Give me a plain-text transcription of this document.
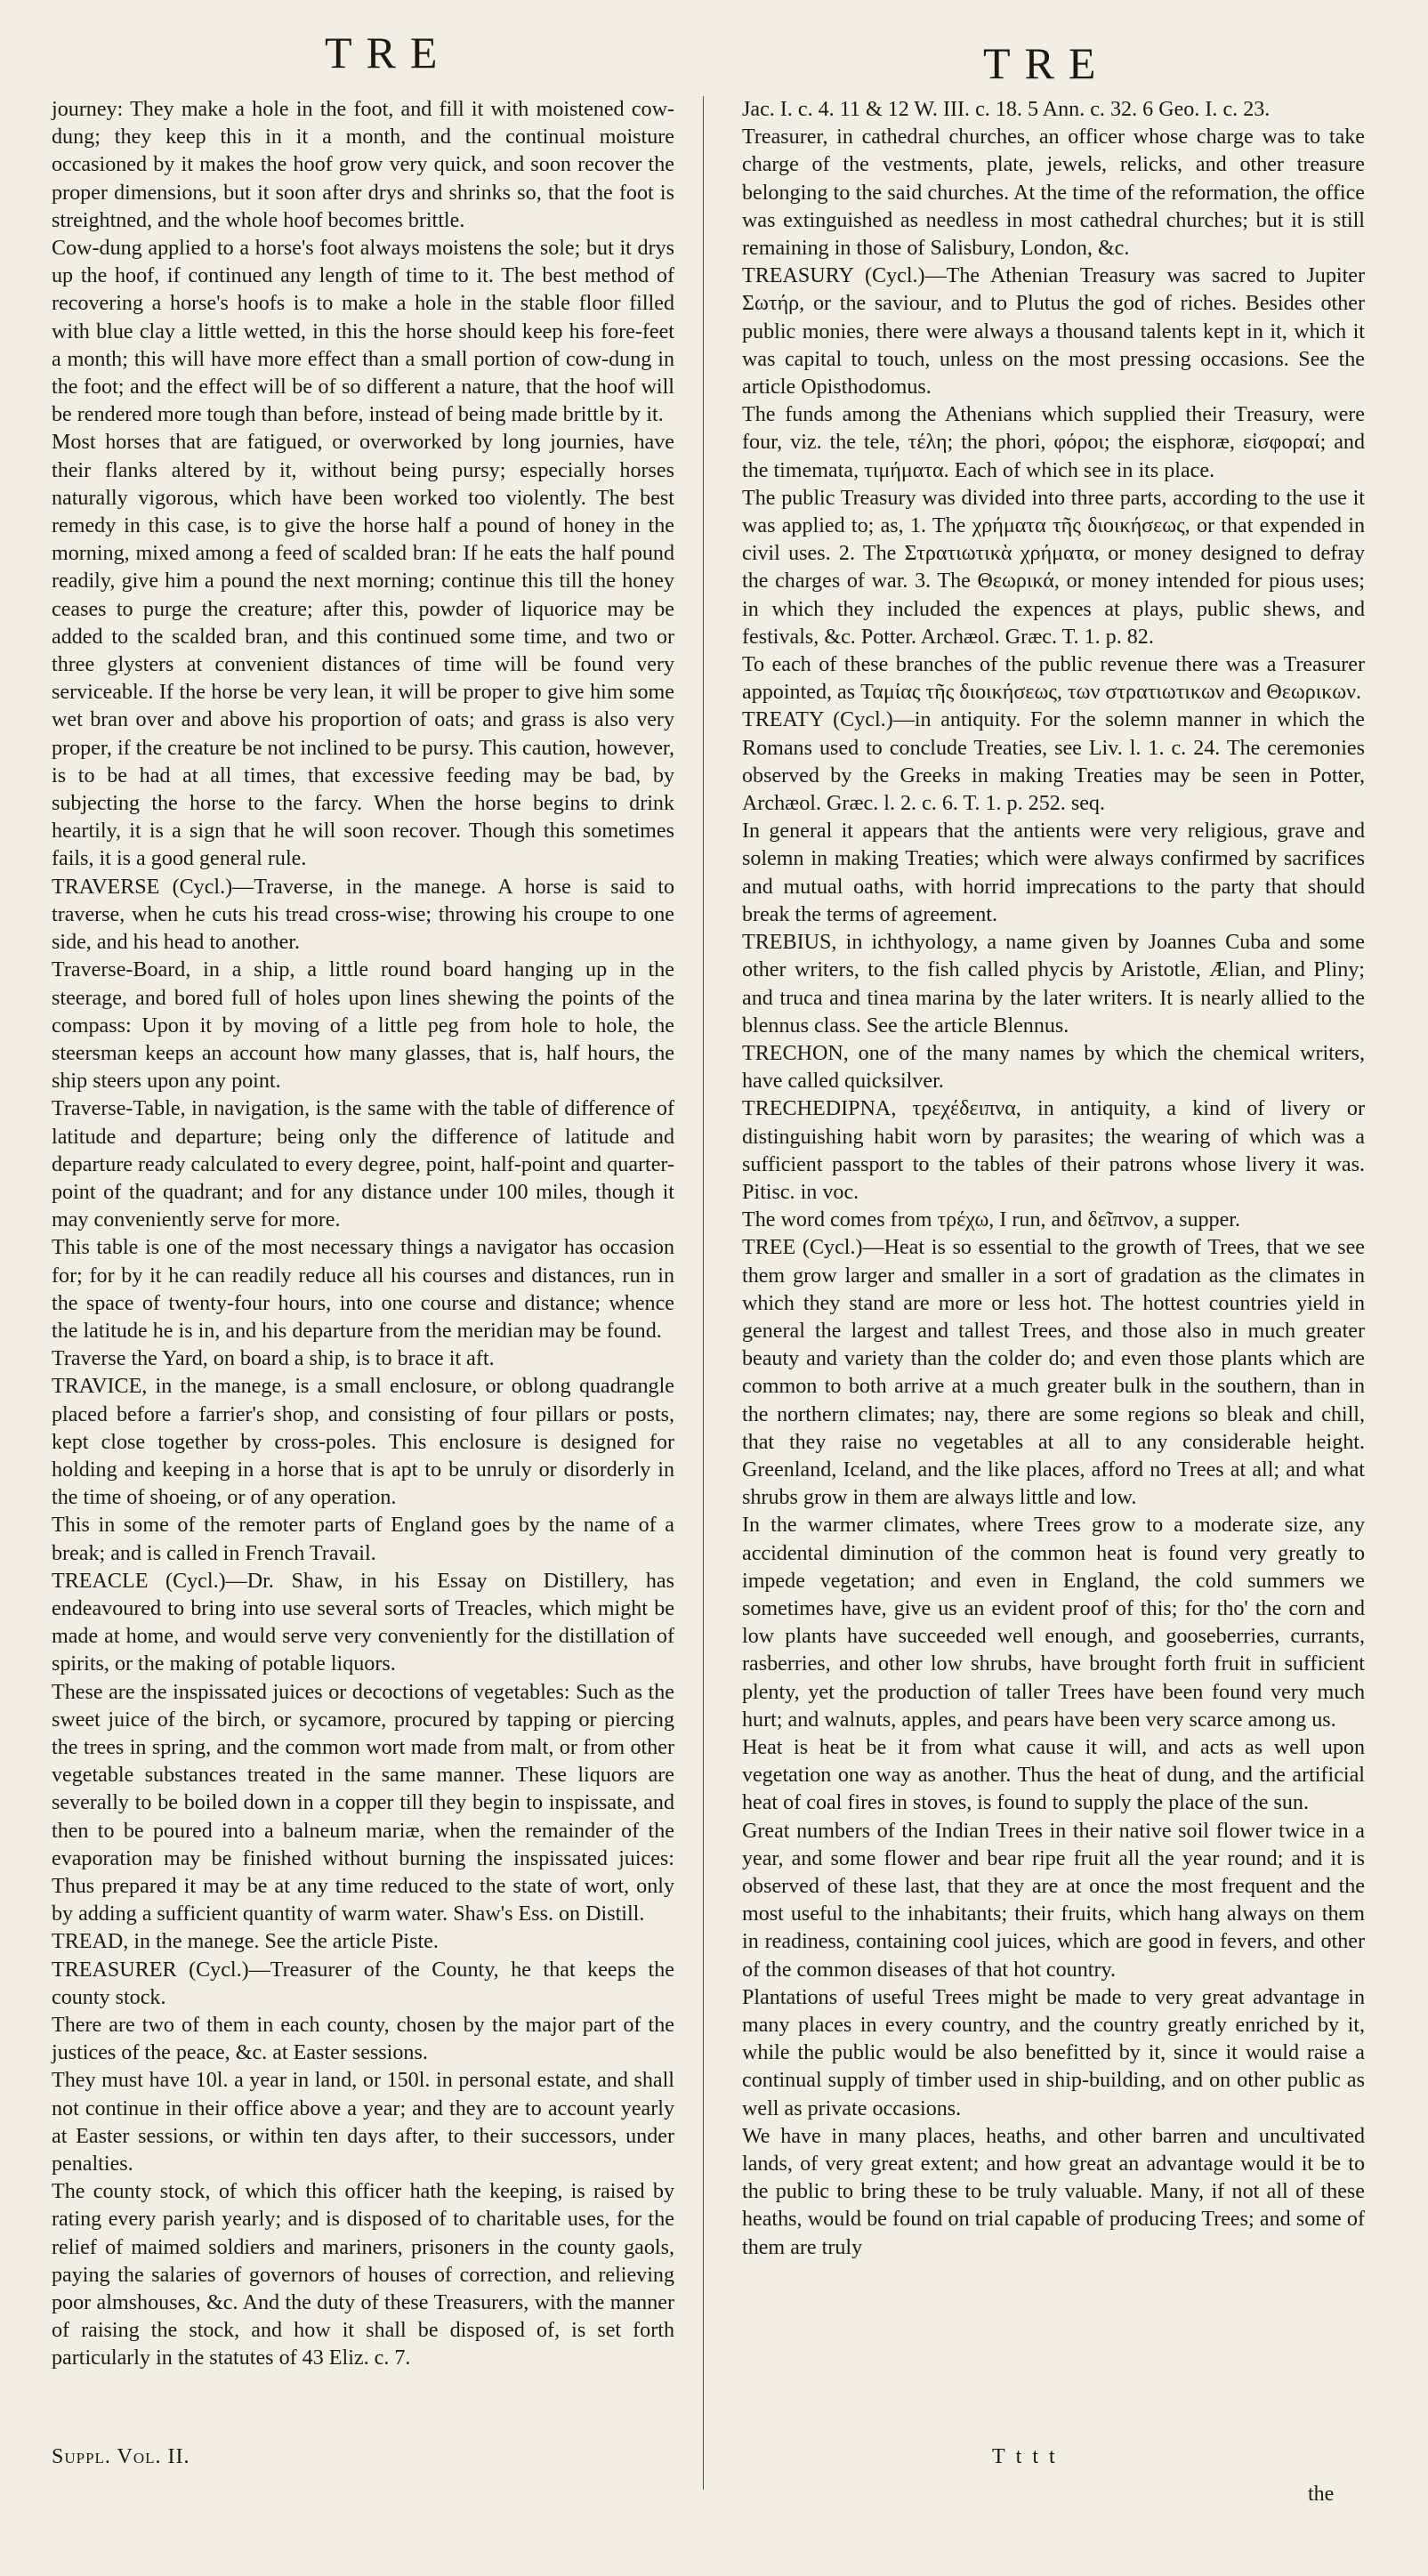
TRE	TRE

journey: They make a hole in the foot, and fill it with moistened cow-dung; they keep this in it a month, and the continual moisture occasioned by it makes the hoof grow very quick, and soon recover the proper dimensions, but it soon after drys and shrinks so, that the foot is streightned, and the whole hoof becomes brittle.

Cow-dung applied to a horse's foot always moistens the sole; but it drys up the hoof, if continued any length of time to it. The best method of recovering a horse's hoofs is to make a hole in the stable floor filled with blue clay a little wetted, in this the horse should keep his fore-feet a month; this will have more effect than a small portion of cow-dung in the foot; and the effect will be of so different a nature, that the hoof will be rendered more tough than before, instead of being made brittle by it.

Most horses that are fatigued, or overworked by long journies, have their flanks altered by it, without being pursy; especially horses naturally vigorous, which have been worked too violently. The best remedy in this case, is to give the horse half a pound of honey in the morning, mixed among a feed of scalded bran: If he eats the half pound readily, give him a pound the next morning; continue this till the honey ceases to purge the creature; after this, powder of liquorice may be added to the scalded bran, and this continued some time, and two or three glysters at convenient distances of time will be found very serviceable. If the horse be very lean, it will be proper to give him some wet bran over and above his proportion of oats; and grass is also very proper, if the creature be not inclined to be pursy. This caution, however, is to be had at all times, that excessive feeding may be bad, by subjecting the horse to the farcy. When the horse begins to drink heartily, it is a sign that he will soon recover. Though this sometimes fails, it is a good general rule.

TRAVERSE (Cycl.)—Traverse, in the manege. A horse is said to traverse, when he cuts his tread cross-wise; throwing his croupe to one side, and his head to another.

Traverse-Board, in a ship, a little round board hanging up in the steerage, and bored full of holes upon lines shewing the points of the compass: Upon it by moving of a little peg from hole to hole, the steersman keeps an account how many glasses, that is, half hours, the ship steers upon any point.

Traverse-Table, in navigation, is the same with the table of difference of latitude and departure; being only the difference of latitude and departure ready calculated to every degree, point, half-point and quarter-point of the quadrant; and for any distance under 100 miles, though it may conveniently serve for more.

This table is one of the most necessary things a navigator has occasion for; for by it he can readily reduce all his courses and distances, run in the space of twenty-four hours, into one course and distance; whence the latitude he is in, and his departure from the meridian may be found.

Traverse the Yard, on board a ship, is to brace it aft.

TRAVICE, in the manege, is a small enclosure, or oblong quadrangle placed before a farrier's shop, and consisting of four pillars or posts, kept close together by cross-poles. This enclosure is designed for holding and keeping in a horse that is apt to be unruly or disorderly in the time of shoeing, or of any operation.

This in some of the remoter parts of England goes by the name of a break; and is called in French Travail.

TREACLE (Cycl.)—Dr. Shaw, in his Essay on Distillery, has endeavoured to bring into use several sorts of Treacles, which might be made at home, and would serve very conveniently for the distillation of spirits, or the making of potable liquors.

These are the inspissated juices or decoctions of vegetables: Such as the sweet juice of the birch, or sycamore, procured by tapping or piercing the trees in spring, and the common wort made from malt, or from other vegetable substances treated in the same manner. These liquors are severally to be boiled down in a copper till they begin to inspissate, and then to be poured into a balneum mariæ, when the remainder of the evaporation may be finished without burning the inspissated juices: Thus prepared it may be at any time reduced to the state of wort, only by adding a sufficient quantity of warm water. Shaw's Ess. on Distill.

TREAD, in the manege. See the article Piste.

TREASURER (Cycl.)—Treasurer of the County, he that keeps the county stock.

There are two of them in each county, chosen by the major part of the justices of the peace, &c. at Easter sessions.

They must have 10l. a year in land, or 150l. in personal estate, and shall not continue in their office above a year; and they are to account yearly at Easter sessions, or within ten days after, to their successors, under penalties.

The county stock, of which this officer hath the keeping, is raised by rating every parish yearly; and is disposed of to charitable uses, for the relief of maimed soldiers and mariners, prisoners in the county gaols, paying the salaries of governors of houses of correction, and relieving poor almshouses, &c. And the duty of these Treasurers, with the manner of raising the stock, and how it shall be disposed of, is set forth particularly in the statutes of 43 Eliz. c. 7.

Jac. I. c. 4. 11 & 12 W. III. c. 18. 5 Ann. c. 32. 6 Geo. I. c. 23.

Treasurer, in cathedral churches, an officer whose charge was to take charge of the vestments, plate, jewels, relicks, and other treasure belonging to the said churches. At the time of the reformation, the office was extinguished as needless in most cathedral churches; but it is still remaining in those of Salisbury, London, &c.

TREASURY (Cycl.)—The Athenian Treasury was sacred to Jupiter Σωτήρ, or the saviour, and to Plutus the god of riches. Besides other public monies, there were always a thousand talents kept in it, which it was capital to touch, unless on the most pressing occasions. See the article Opisthodomus.

The funds among the Athenians which supplied their Treasury, were four, viz. the tele, τέλη; the phori, φόροι; the eisphoræ, εἰσφοραί; and the timemata, τιμήματα. Each of which see in its place.

The public Treasury was divided into three parts, according to the use it was applied to; as, 1. The χρήματα τῆς διοικήσεως, or that expended in civil uses. 2. The Στρατιωτικὰ χρήματα, or money designed to defray the charges of war. 3. The Θεωρικά, or money intended for pious uses; in which they included the expences at plays, public shews, and festivals, &c. Potter. Archæol. Græc. T. 1. p. 82.

To each of these branches of the public revenue there was a Treasurer appointed, as Ταμίας τῆς διοικήσεως, των στρατιωτικων and Θεωρικων.

TREATY (Cycl.)—in antiquity. For the solemn manner in which the Romans used to conclude Treaties, see Liv. l. 1. c. 24. The ceremonies observed by the Greeks in making Treaties may be seen in Potter, Archæol. Græc. l. 2. c. 6. T. 1. p. 252. seq.

In general it appears that the antients were very religious, grave and solemn in making Treaties; which were always confirmed by sacrifices and mutual oaths, with horrid imprecations to the party that should break the terms of agreement.

TREBIUS, in ichthyology, a name given by Joannes Cuba and some other writers, to the fish called phycis by Aristotle, Ælian, and Pliny; and truca and tinea marina by the later writers. It is nearly allied to the blennus class. See the article Blennus.

TRECHON, one of the many names by which the chemical writers, have called quicksilver.

TRECHEDIPNA, τρεχέδειπνα, in antiquity, a kind of livery or distinguishing habit worn by parasites; the wearing of which was a sufficient passport to the tables of their patrons whose livery it was. Pitisc. in voc.

The word comes from τρέχω, I run, and δεῖπνον, a supper.

TREE (Cycl.)—Heat is so essential to the growth of Trees, that we see them grow larger and smaller in a sort of gradation as the climates in which they stand are more or less hot. The hottest countries yield in general the largest and tallest Trees, and those also in much greater beauty and variety than the colder do; and even those plants which are common to both arrive at a much greater bulk in the southern, than in the northern climates; nay, there are some regions so bleak and chill, that they raise no vegetables at all to any considerable height. Greenland, Iceland, and the like places, afford no Trees at all; and what shrubs grow in them are always little and low.

In the warmer climates, where Trees grow to a moderate size, any accidental diminution of the common heat is found very greatly to impede vegetation; and even in England, the cold summers we sometimes have, give us an evident proof of this; for tho' the corn and low plants have succeeded well enough, and gooseberries, currants, rasberries, and other low shrubs, have brought forth fruit in sufficient plenty, yet the production of taller Trees have been found very much hurt; and walnuts, apples, and pears have been very scarce among us.

Heat is heat be it from what cause it will, and acts as well upon vegetation one way as another. Thus the heat of dung, and the artificial heat of coal fires in stoves, is found to supply the place of the sun.

Great numbers of the Indian Trees in their native soil flower twice in a year, and some flower and bear ripe fruit all the year round; and it is observed of these last, that they are at once the most frequent and the most useful to the inhabitants; their fruits, which hang always on them in readiness, containing cool juices, which are good in fevers, and other of the common diseases of that hot country.

Plantations of useful Trees might be made to very great advantage in many places in every country, and the country greatly enriched by it, while the public would be also benefitted by it, since it would raise a continual supply of timber used in ship-building, and on other public as well as private occasions.

We have in many places, heaths, and other barren and uncultivated lands, of very great extent; and how great an advantage would it be to the public to bring these to be truly valuable. Many, if not all of these heaths, would be found on trial capable of producing Trees; and some of them are truly

Suppl. Vol. II.	Tttt
the
